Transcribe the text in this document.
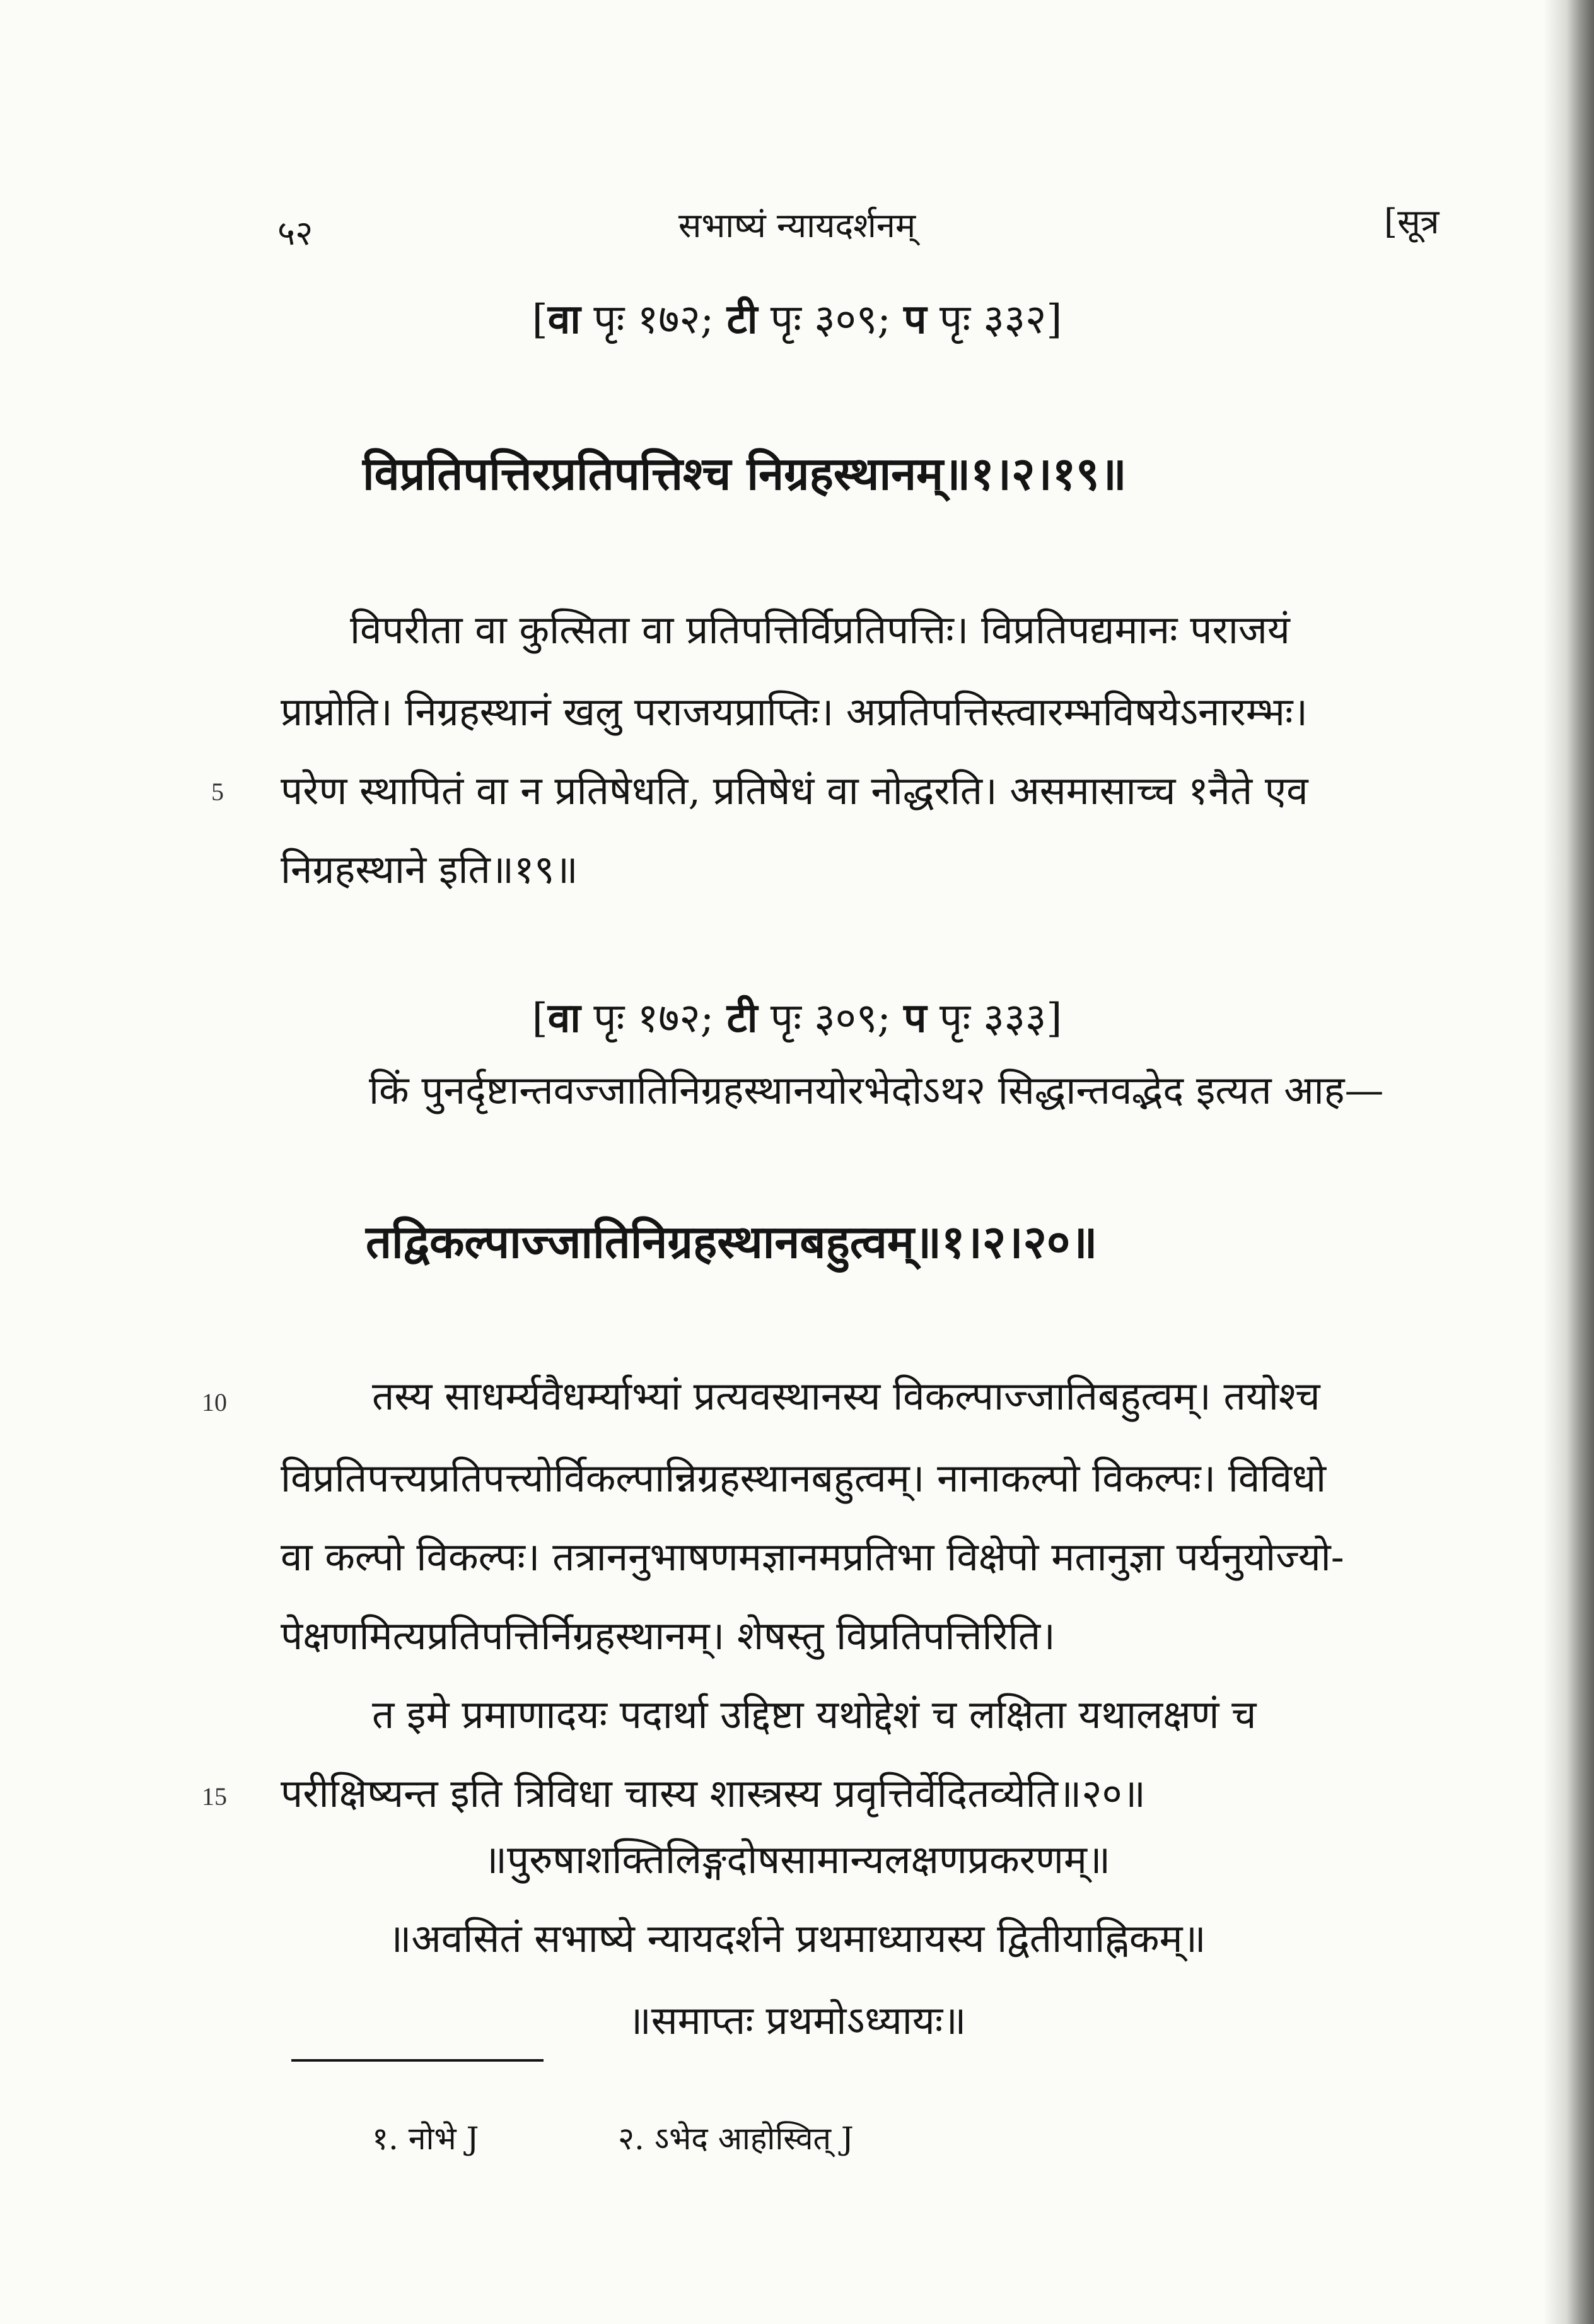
५२	सभाष्यं न्यायदर्शनम्	[सूत्र
[वा पृः १७२; टी पृः ३०९; प पृः ३३२]
विप्रतिपत्तिरप्रतिपत्तिश्च निग्रहस्थानम्॥१।२।१९॥
विपरीता वा कुत्सिता वा प्रतिपत्तिर्विप्रतिपत्तिः। विप्रतिपद्यमानः पराजयं
प्राप्नोति। निग्रहस्थानं खलु पराजयप्राप्तिः। अप्रतिपत्तिस्त्वारम्भविषयेऽनारम्भः।
परेण स्थापितं वा न प्रतिषेधति, प्रतिषेधं वा नोद्धरति। असमासाच्च १नैते एव
5
निग्रहस्थाने इति॥१९॥
[वा पृः १७२; टी पृः ३०९; प पृः ३३३]
किं पुनर्दृष्टान्तवज्जातिनिग्रहस्थानयोरभेदोऽथ२ सिद्धान्तवद्भेद इत्यत आह—
तद्विकल्पाज्जातिनिग्रहस्थानबहुत्वम्॥१।२।२०॥
10	तस्य साधर्म्यवैधर्म्याभ्यां प्रत्यवस्थानस्य विकल्पाज्जातिबहुत्वम्। तयोश्च
विप्रतिपत्त्यप्रतिपत्त्योर्विकल्पान्निग्रहस्थानबहुत्वम्। नानाकल्पो विकल्पः। विविधो
वा कल्पो विकल्पः। तत्राननुभाषणमज्ञानमप्रतिभा विक्षेपो मतानुज्ञा पर्यनुयोज्यो-
पेक्षणमित्यप्रतिपत्तिर्निग्रहस्थानम्। शेषस्तु विप्रतिपत्तिरिति।
त इमे प्रमाणादयः पदार्था उद्दिष्टा यथोद्देशं च लक्षिता यथालक्षणं च
15 परीक्षिष्यन्त इति त्रिविधा चास्य शास्त्रस्य प्रवृत्तिर्वेदितव्येति॥२०॥
॥पुरुषाशक्तिलिङ्गदोषसामान्यलक्षणप्रकरणम्॥
॥अवसितं सभाष्ये न्यायदर्शने प्रथमाध्यायस्य द्वितीयाह्निकम्॥
॥समाप्तः प्रथमोऽध्यायः॥
१. नोभे J	२. ऽभेद आहोस्वित् J
